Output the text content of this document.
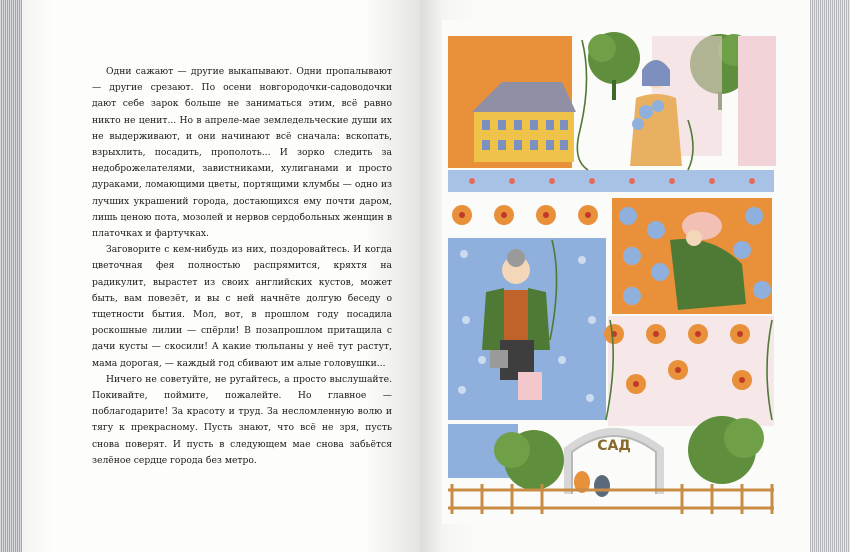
Одни сажают — другие выкапывают. Одни пропалывают — другие срезают. По осени новгородочки-садоводочки дают себе зарок больше не заниматься этим, всё равно никто не ценит... Но в апреле-мае земледельческие души их не выдерживают, и они начинают всё сначала: вскопать, взрыхлить, посадить, прополоть... И зорко следить за недоброжелателями, завистниками, хулиганами и просто дураками, ломающими цветы, портящими клумбы — одно из лучших украшений города, достающихся ему почти даром, лишь ценою пота, мозолей и нервов сердобольных женщин в платочках и фартучках.

Заговорите с кем-нибудь из них, поздоровайтесь. И когда цветочная фея полностью распрямится, кряхтя на радикулит, вырастет из своих английских кустов, может быть, вам повезёт, и вы с ней начнёте долгую беседу о тщетности бытия. Мол, вот, в прошлом году посадила роскошные лилии — спёрли! В позапрошлом притащила с дачи кусты — скосили! А какие тюльпаны у неё тут растут, мама дорогая, — каждый год сбивают им алые головушки...

Ничего не советуйте, не ругайтесь, а просто выслушайте. Покивайте, поймите, пожалейте. Но главное — поблагодарите! За красоту и труд. За несломленную волю и тягу к прекрасному. Пусть знают, что всё не зря, пусть снова поверят. И пусть в следующем мае снова забьётся зелёное сердце города без метро.

САД
